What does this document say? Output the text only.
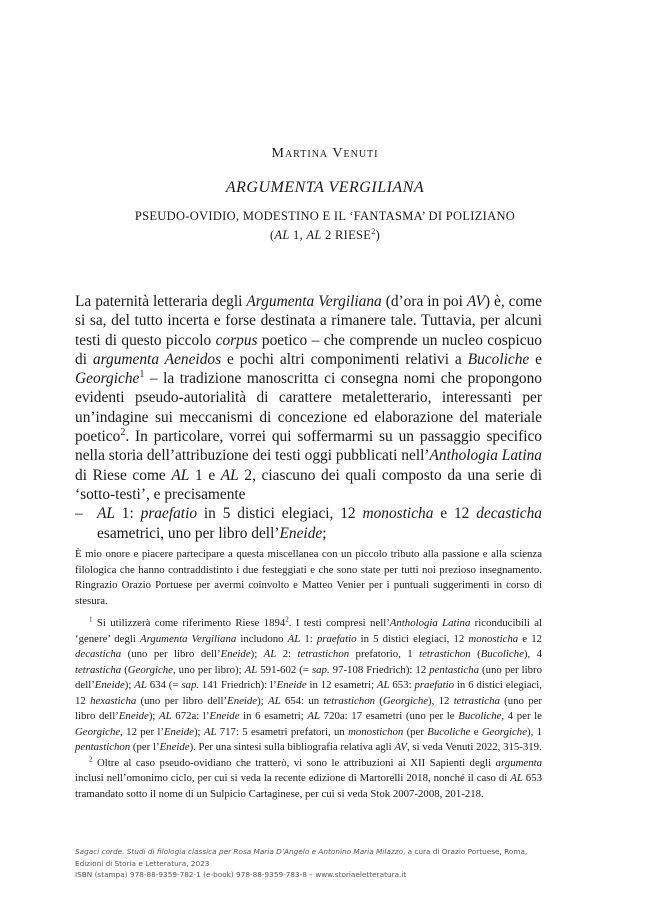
Martina Venuti
ARGUMENTA VERGILIANA
PSEUDO-OVIDIO, MODESTINO E IL ‘FANTASMA’ DI POLIZIANO
(AL 1, AL 2 RIESE$^2$)

La paternità letteraria degli Argumenta Vergiliana (d’ora in poi AV) è, come si sa, del tutto incerta e forse destinata a rimanere tale. Tuttavia, per alcuni testi di questo piccolo corpus poetico – che comprende un nucleo cospicuo di argumenta Aeneidos e pochi altri componimenti relativi a Bucoliche e Georgiche$^1$ – la tradizione manoscritta ci consegna nomi che propongono evidenti pseudo-autorialità di carattere metaletterario, interessanti per un’indagine sui meccanismi di concezione ed elaborazione del materiale poetico$^2$. In particolare, vorrei qui soffermarmi su un passaggio specifico nella storia dell’attribuzione dei testi oggi pubblicati nell’Anthologia Latina di Riese come AL 1 e AL 2, ciascuno dei quali composto da una serie di ‘sotto-testi’, e precisamente

– AL 1: praefatio in 5 distici elegiaci, 12 monosticha e 12 decasticha esametrici, uno per libro dell’Eneide;
È mio onore e piacere partecipare a questa miscellanea con un piccolo tributo alla passione e alla scienza filologica che hanno contraddistinto i due festeggiati e che sono state per tutti noi prezioso insegnamento. Ringrazio Orazio Portuese per avermi coinvolto e Matteo Venier per i puntuali suggerimenti in corso di stesura.

$^1$ Si utilizzerà come riferimento Riese 1894$^2$. I testi compresi nell’Anthologia Latina riconducibili al ‘genere’ degli Argumenta Vergiliana includono AL 1: praefatio in 5 distici elegiaci, 12 monosticha e 12 decasticha (uno per libro dell’Eneide); AL 2: tetrastichon prefatorio, 1 tetrastichon (Bucoliche), 4 tetrasticha (Georgiche, uno per libro); AL 591-602 (= sap. 97-108 Friedrich): 12 pentasticha (uno per libro dell’Eneide); AL 634 (= sap. 141 Friedrich): l’Eneide in 12 esametri; AL 653: praefatio in 6 distici elegiaci, 12 hexasticha (uno per libro dell’Eneide); AL 654: un tetrastichon (Georgiche), 12 tetrasticha (uno per libro dell’Eneide); AL 672a: l’Eneide in 6 esametri; AL 720a: 17 esametri (uno per le Bucoliche, 4 per le Georgiche, 12 per l’Eneide); AL 717: 5 esametri prefatori, un monostichon (per Bucoliche e Georgiche), 1 pentastichon (per l’Eneide). Per una sintesi sulla bibliografia relativa agli AV, si veda Venuti 2022, 315-319.

$^2$ Oltre al caso pseudo-ovidiano che tratterò, vi sono le attribuzioni ai XII Sapienti degli argumenta inclusi nell’omonimo ciclo, per cui si veda la recente edizione di Martorelli 2018, nonché il caso di AL 653 tramandato sotto il nome di un Sulpicio Cartaginese, per cui si veda Stok 2007-2008, 201-218.

Sagaci corde. Studi di filologia classica per Rosa Maria D’Angelo e Antonino Maria Milazzo, a cura di Orazio Portuese, Roma, Edizioni di Storia e Letteratura, 2023
ISBN (stampa) 978-88-9359-782-1 (e-book) 978-88-9359-783-8 – www.storiaeletteratura.it
